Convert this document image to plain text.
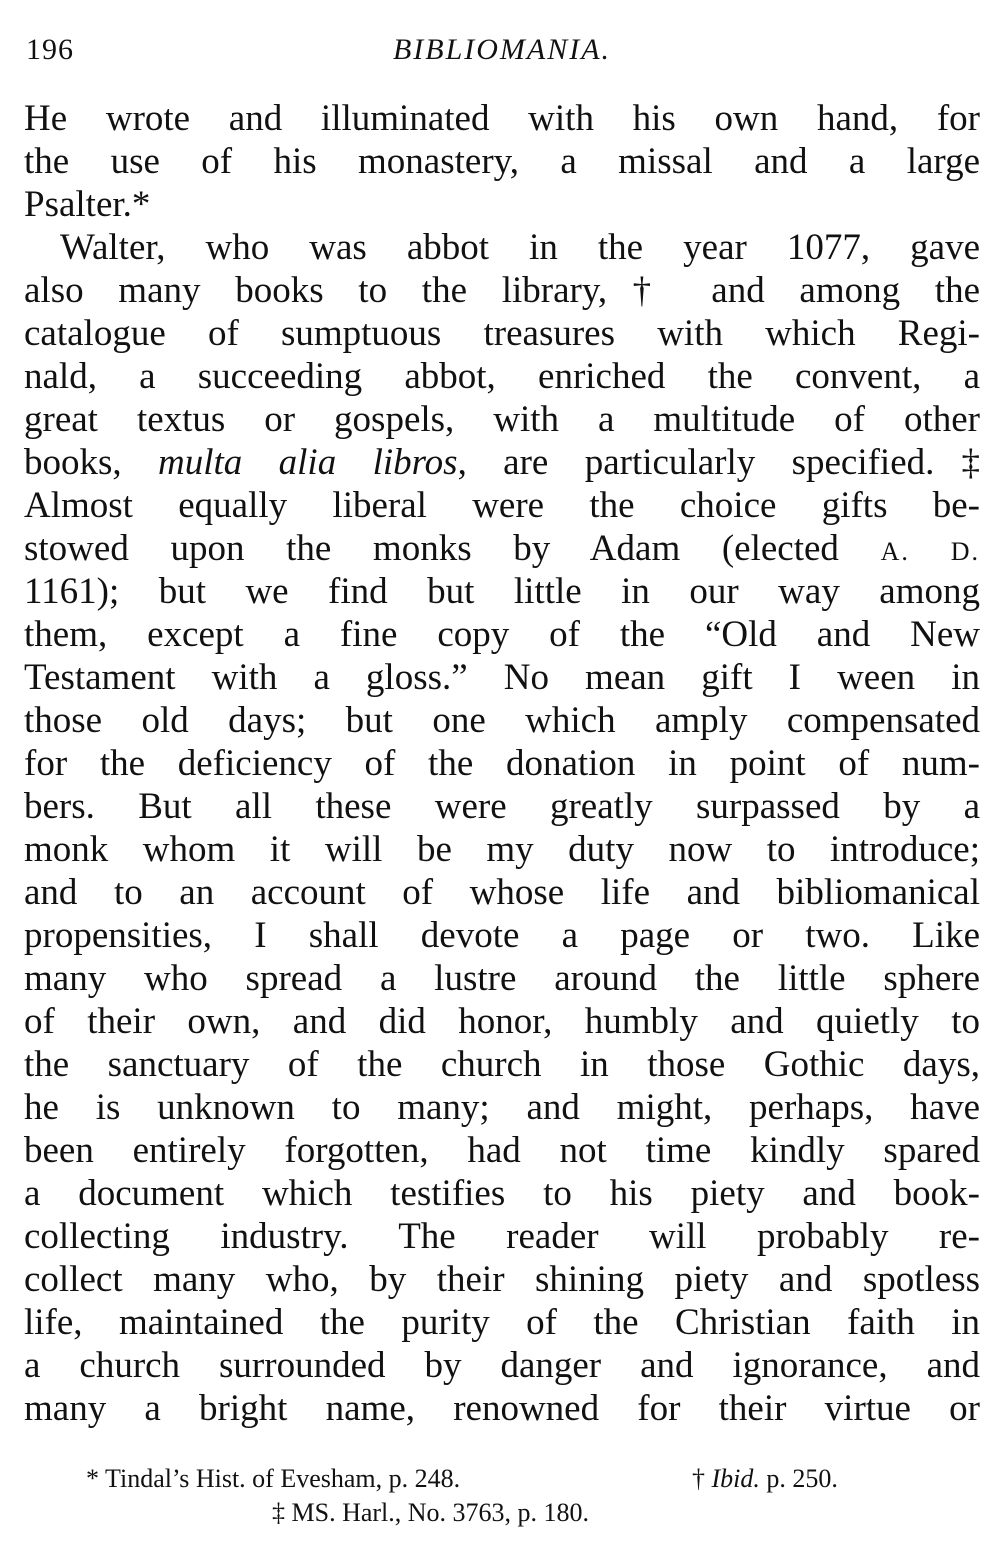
196	BIBLIOMANIA.
He wrote and illuminated with his own hand, for
the use of his monastery, a missal and a large
Psalter.*
Walter, who was abbot in the year 1077, gave
also many books to the library,† and among the
catalogue of sumptuous treasures with which Regi-
nald, a succeeding abbot, enriched the convent, a
great textus or gospels, with a multitude of other
books, multa alia libros, are particularly specified.‡
Almost equally liberal were the choice gifts be-
stowed upon the monks by Adam (elected A. D.
1161); but we find but little in our way among
them, except a fine copy of the “Old and New
Testament with a gloss.” No mean gift I ween in
those old days; but one which amply compensated
for the deficiency of the donation in point of num-
bers. But all these were greatly surpassed by a
monk whom it will be my duty now to introduce;
and to an account of whose life and bibliomanical
propensities, I shall devote a page or two. Like
many who spread a lustre around the little sphere
of their own, and did honor, humbly and quietly to
the sanctuary of the church in those Gothic days,
he is unknown to many; and might, perhaps, have
been entirely forgotten, had not time kindly spared
a document which testifies to his piety and book-
collecting industry. The reader will probably re-
collect many who, by their shining piety and spotless
life, maintained the purity of the Christian faith in
a church surrounded by danger and ignorance, and
many a bright name, renowned for their virtue or
* Tindal’s Hist. of Evesham, p. 248.	† Ibid. p. 250.
‡ MS. Harl., No. 3763, p. 180.
